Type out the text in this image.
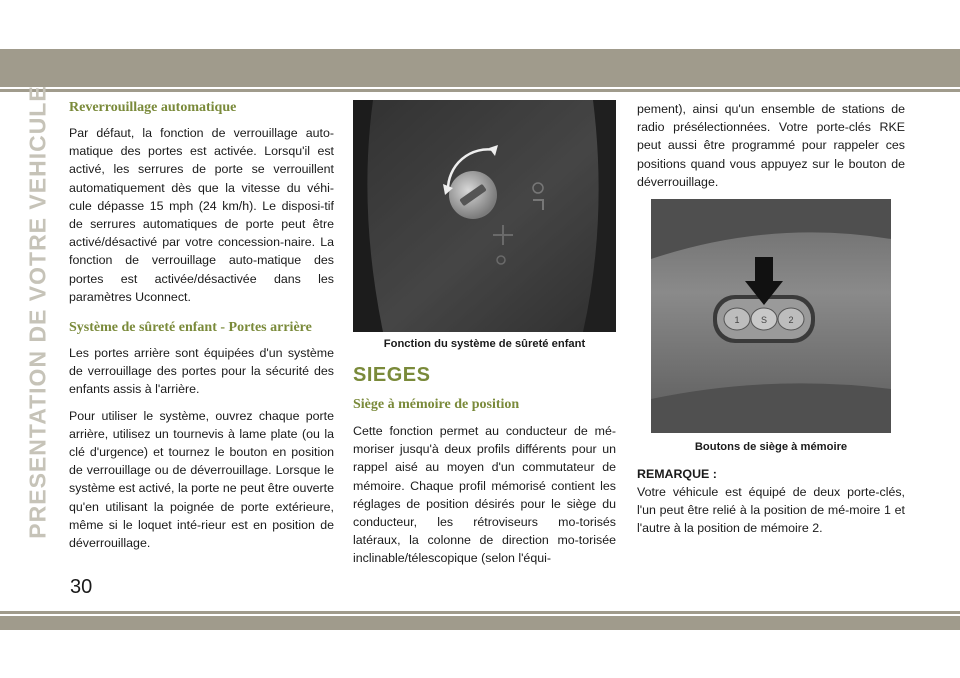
PRESENTATION DE VOTRE VEHICULE Reverrouillage automatique

Par défaut, la fonction de verrouillage auto-matique des portes est activée. Lorsqu'il est activé, les serrures de porte se verrouillent automatiquement dès que la vitesse du véhi-cule dépasse 15 mph (24 km/h). Le disposi-tif de serrures automatiques de porte peut être activé/désactivé par votre concession-naire. La fonction de verrouillage auto-matique des portes est activée/désactivée dans les paramètres Uconnect.

Système de sûreté enfant - Portes arrière

Les portes arrière sont équipées d'un système de verrouillage des portes pour la sécurité des enfants assis à l'arrière.

Pour utiliser le système, ouvrez chaque porte arrière, utilisez un tournevis à lame plate (ou la clé d'urgence) et tournez le bouton en position de verrouillage ou de déverrouillage. Lorsque le système est activé, la porte ne peut être ouverte qu'en utilisant la poignée de porte extérieure, même si le loquet inté-rieur est en position de déverrouillage.

Fonction du système de sûreté enfant
SIEGES
Siège à mémoire de position

Cette fonction permet au conducteur de mé-moriser jusqu'à deux profils différents pour un rappel aisé au moyen d'un commutateur de mémoire. Chaque profil mémorisé contient les réglages de position désirés pour le siège du conducteur, les rétroviseurs mo-torisés latéraux, la colonne de direction mo-torisée inclinable/télescopique (selon l'équi-

pement), ainsi qu'un ensemble de stations de radio présélectionnées. Votre porte-clés RKE peut aussi être programmé pour rappeler ces positions quand vous appuyez sur le bouton de déverrouillage.

1 S 2
Boutons de siège à mémoire
REMARQUE :

Votre véhicule est équipé de deux porte-clés, l'un peut être relié à la position de mé-moire 1 et l'autre à la position de mémoire 2.

30
